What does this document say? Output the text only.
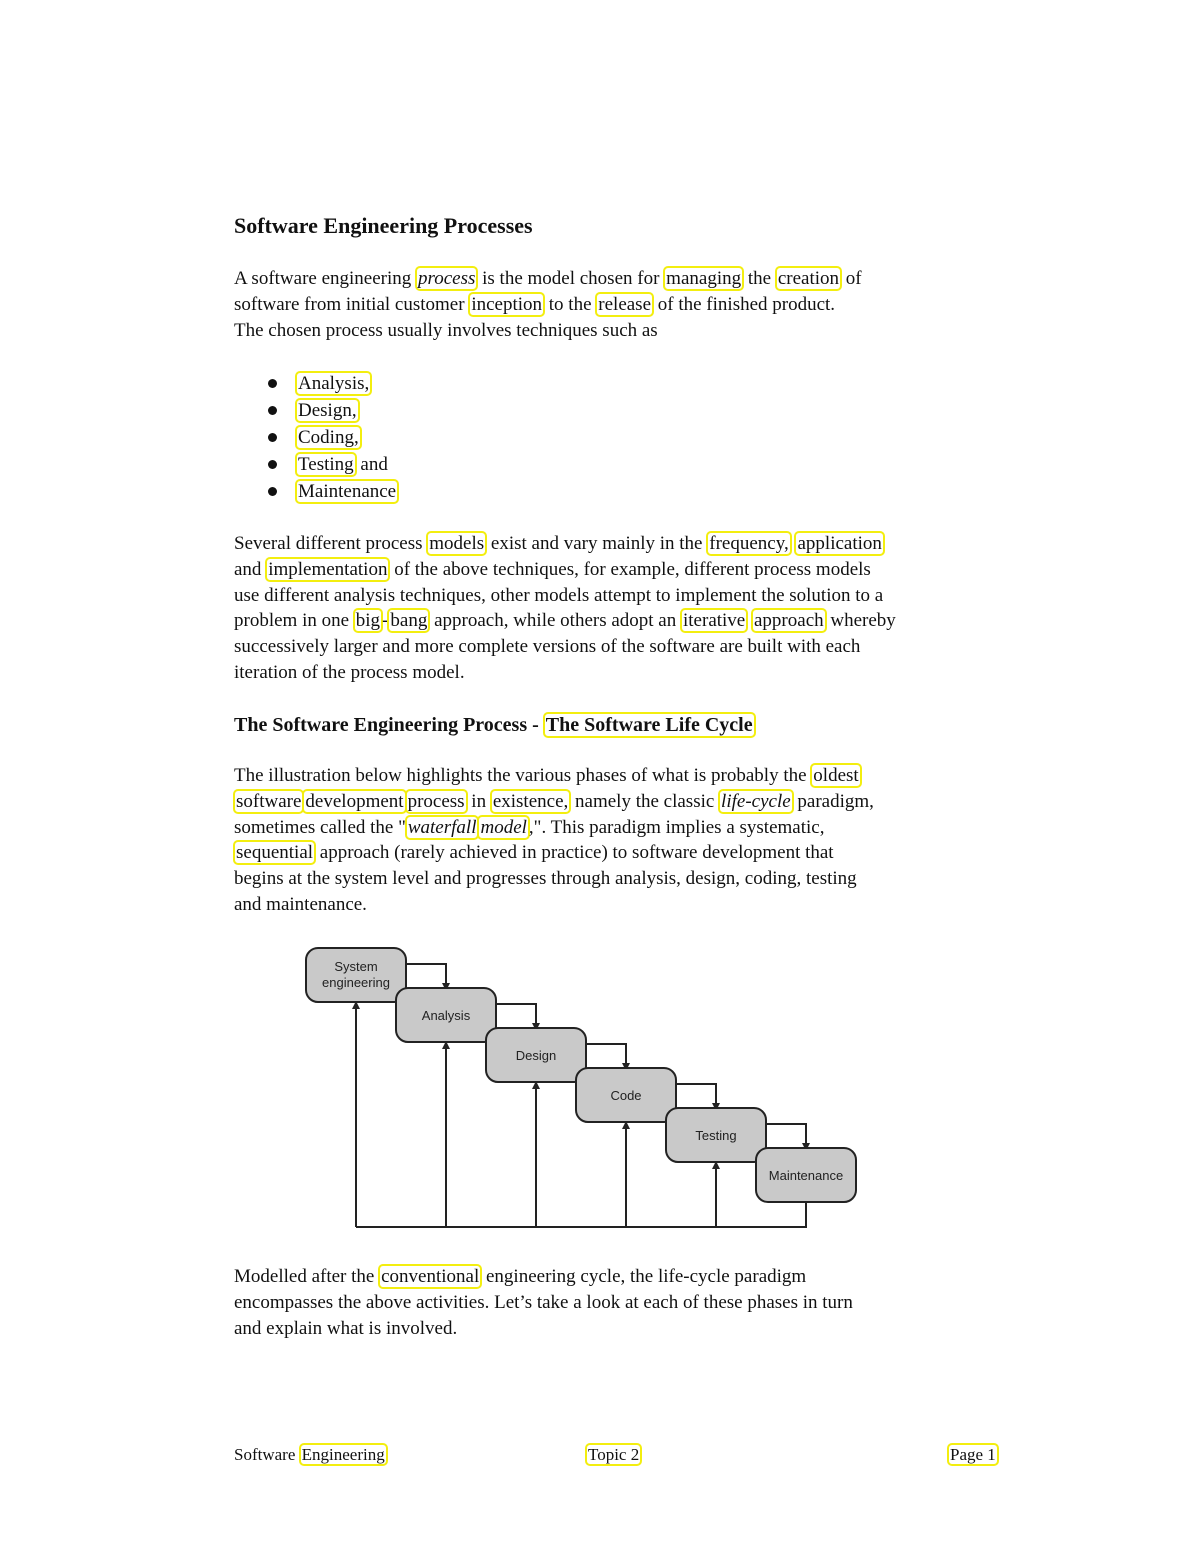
Software Engineering Processes
A software engineering process is the model chosen for managing the creation of
software from initial customer inception to the release of the finished product.
The chosen process usually involves techniques such as
Analysis,
Design,
Coding,
Testing and
Maintenance
Several different process models exist and vary mainly in the frequency, application
and implementation of the above techniques, for example, different process models
use different analysis techniques, other models attempt to implement the solution to a
problem in one big - bang approach, while others adopt an iterative approach whereby
successively larger and more complete versions of the software are built with each
iteration of the process model.
The Software Engineering Process - The Software Life Cycle
The illustration below highlights the various phases of what is probably the oldest
software development process in existence, namely the classic life-cycle paradigm,
sometimes called the " waterfall model ,". This paradigm implies a systematic,
sequential approach (rarely achieved in practice) to software development that
begins at the system level and progresses through analysis, design, coding, testing
and maintenance.
System
engineering
Analysis
Design
Code
Testing
Maintenance
Modelled after the conventional engineering cycle, the life-cycle paradigm
encompasses the above activities. Let’s take a look at each of these phases in turn
and explain what is involved.
Software Engineering	Topic 2	Page 1
